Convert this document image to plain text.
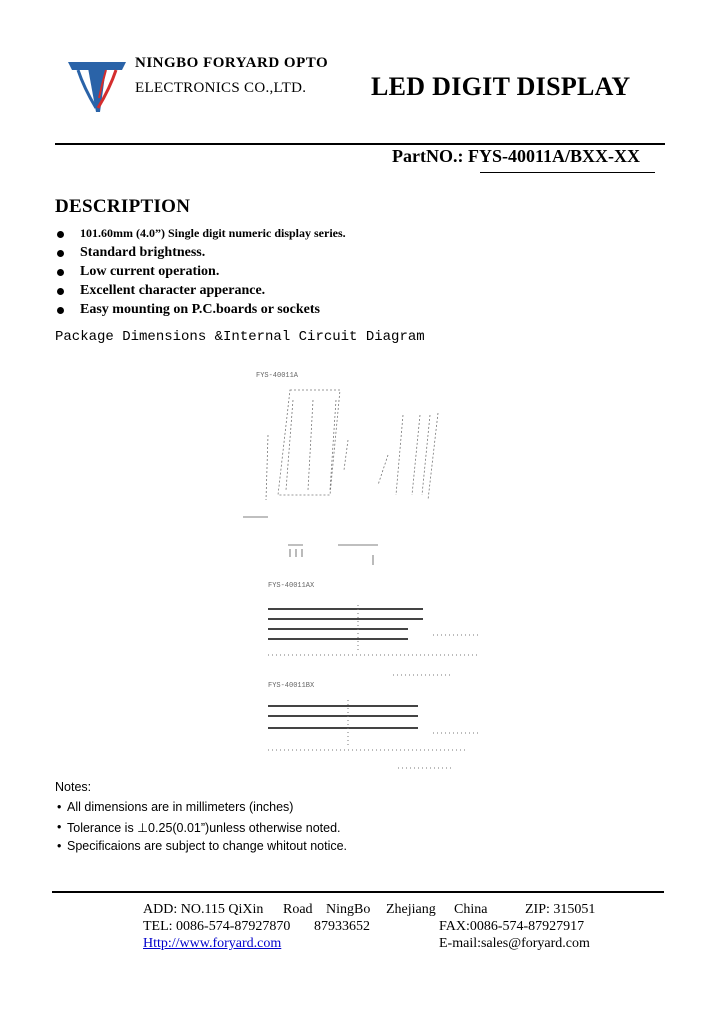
NINGBO FORYARD OPTO
ELECTRONICS CO.,LTD. LED DIGIT DISPLAY
PartNO.: FYS-40011A/BXX-XX
DESCRIPTION
101.60mm (4.0”) Single digit numeric display series.
Standard brightness.
Low current operation.
Excellent character apperance.
Easy mounting on P.C.boards or sockets
Package Dimensions &Internal Circuit Diagram
FYS-40011A
FYS-40011AX
FYS-40011BX
Notes:
• All dimensions are in millimeters (inches)
• Tolerance is ⊥0.25(0.01”)unless otherwise noted.
• Specificaions are subject to change whitout notice.
ADD: NO.115 QiXin Road NingBo Zhejiang China	ZIP: 315051
TEL: 0086-574-87927870 87933652	FAX:0086-574-87927917
Http://www.foryard.com	E-mail:sales@foryard.com
